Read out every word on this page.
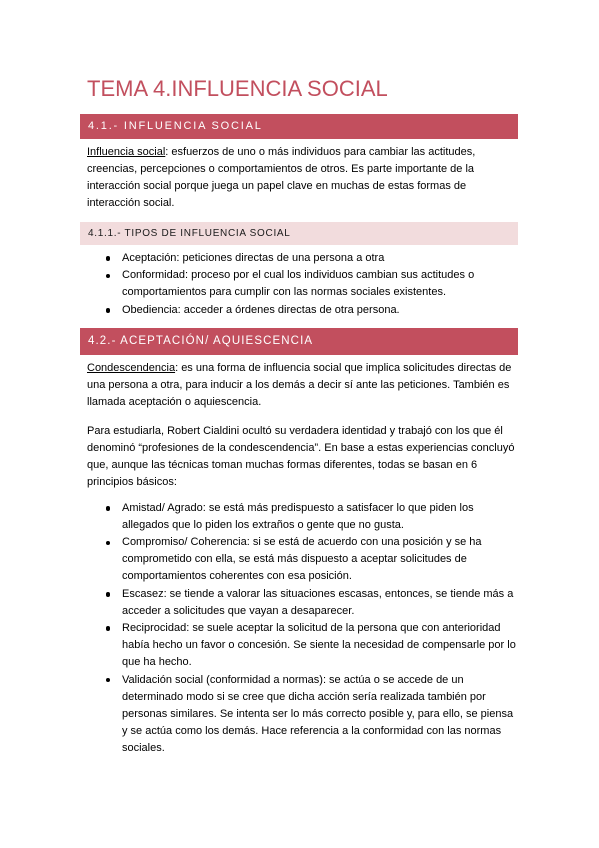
TEMA 4.INFLUENCIA SOCIAL
4.1.- INFLUENCIA SOCIAL
Influencia social: esfuerzos de uno o más individuos para cambiar las actitudes,
creencias, percepciones o comportamientos de otros. Es parte importante de la
interacción social porque juega un papel clave en muchas de estas formas de
interacción social.
4.1.1.- TIPOS DE INFLUENCIA SOCIAL
Aceptación: peticiones directas de una persona a otra
Conformidad: proceso por el cual los individuos cambian sus actitudes o
comportamientos para cumplir con las normas sociales existentes.
Obediencia: acceder a órdenes directas de otra persona.
4.2.- ACEPTACIÓN/ AQUIESCENCIA
Condescendencia: es una forma de influencia social que implica solicitudes directas de
una persona a otra, para inducir a los demás a decir sí ante las peticiones. También es
llamada aceptación o aquiescencia.
Para estudiarla, Robert Cialdini ocultó su verdadera identidad y trabajó con los que él
denominó “profesiones de la condescendencia”. En base a estas experiencias concluyó
que, aunque las técnicas toman muchas formas diferentes, todas se basan en 6
principios básicos:
Amistad/ Agrado: se está más predispuesto a satisfacer lo que piden los
allegados que lo piden los extraños o gente que no gusta.
Compromiso/ Coherencia: si se está de acuerdo con una posición y se ha
comprometido con ella, se está más dispuesto a aceptar solicitudes de
comportamientos coherentes con esa posición.
Escasez: se tiende a valorar las situaciones escasas, entonces, se tiende más a
acceder a solicitudes que vayan a desaparecer.
Reciprocidad: se suele aceptar la solicitud de la persona que con anterioridad
había hecho un favor o concesión. Se siente la necesidad de compensarle por lo
que ha hecho.
Validación social (conformidad a normas): se actúa o se accede de un
determinado modo si se cree que dicha acción sería realizada también por
personas similares. Se intenta ser lo más correcto posible y, para ello, se piensa
y se actúa como los demás. Hace referencia a la conformidad con las normas
sociales.
